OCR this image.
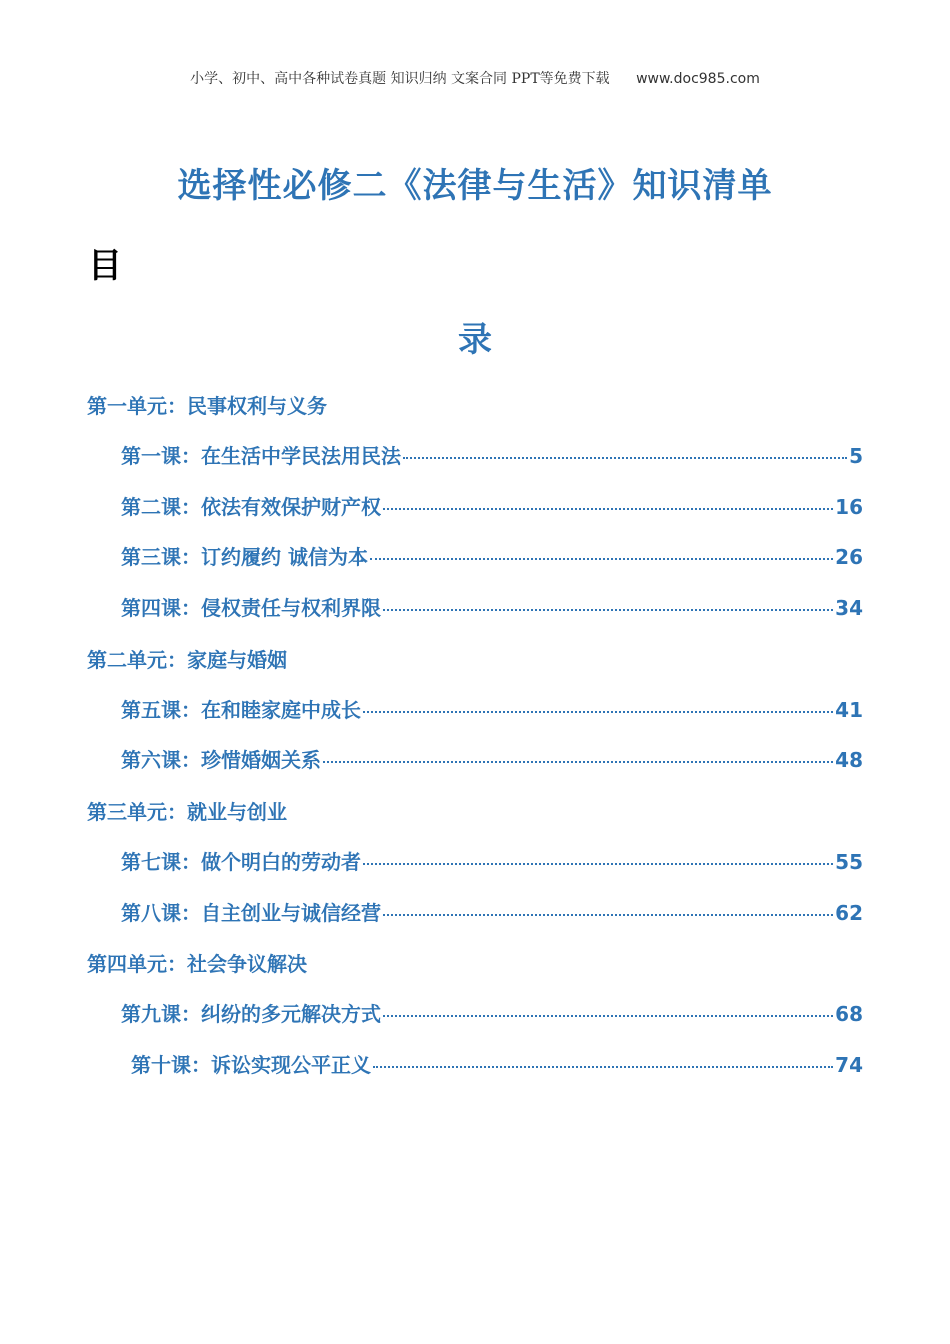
小学、初中、高中各种试卷真题 知识归纳 文案合同 PPT等免费下载 www.doc985.com
选择性必修二《法律与生活》知识清单
目
录
第一单元：民事权利与义务
第一课：在生活中学民法用民法	5
第二课：依法有效保护财产权	16
第三课：订约履约 诚信为本	26
第四课：侵权责任与权利界限	34
第二单元：家庭与婚姻
第五课：在和睦家庭中成长	41
第六课：珍惜婚姻关系	48
第三单元：就业与创业
第七课：做个明白的劳动者	55
第八课：自主创业与诚信经营	62
第四单元：社会争议解决
第九课：纠纷的多元解决方式	68
第十课：诉讼实现公平正义	74
